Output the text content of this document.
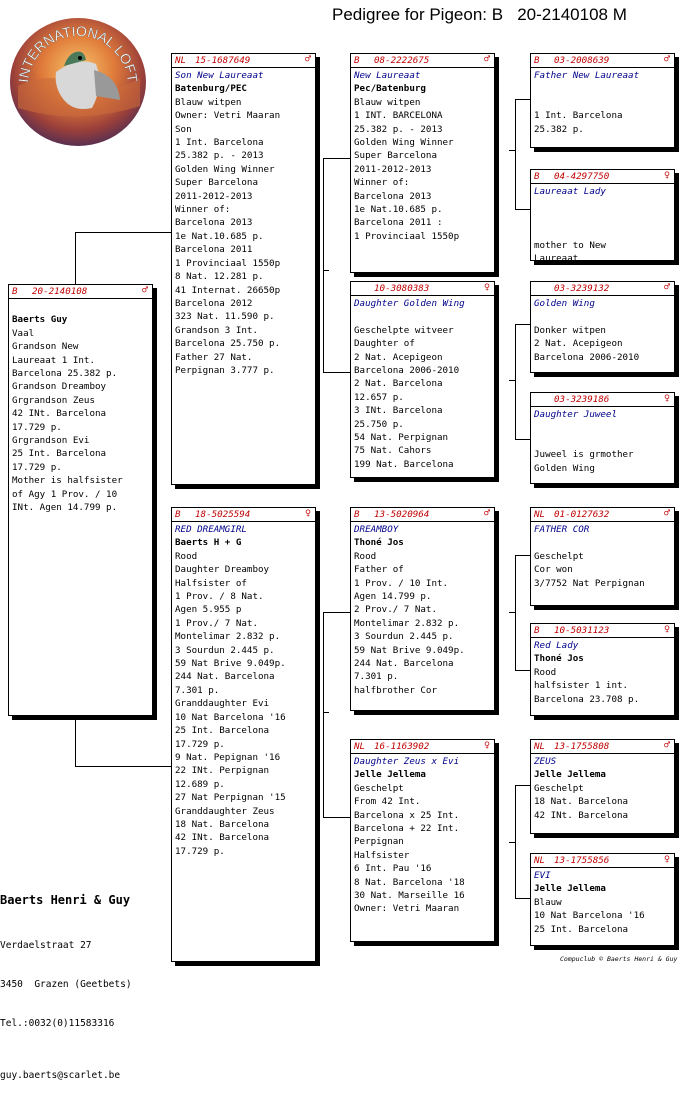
Pedigree for Pigeon: B   20-2140108 M
INTERNATIONAL LOFT
B 20-2140108	♂
Baerts Guy
Vaal
Grandson New
Laureaat 1 Int.
Barcelona 25.382 p.
Grandson Dreamboy
Grgrandson Zeus
42 INt. Barcelona
17.729 p.
Grgrandson Evi
25 Int. Barcelona
17.729 p.
Mother is halfsister
of Agy 1 Prov. / 10
INt. Agen 14.799 p.
NL 15-1687649	♂
Son New Laureaat
Batenburg/PEC
Blauw witpen
Owner: Vetri Maaran
Son
1 Int. Barcelona
25.382 p. - 2013
Golden Wing Winner
Super Barcelona
2011-2012-2013
Winner of:
Barcelona 2013
1e Nat.10.685 p.
Barcelona 2011
1 Provinciaal 1550p
8 Nat. 12.281 p.
41 Internat. 26650p
Barcelona 2012
323 Nat. 11.590 p.
Grandson 3 Int.
Barcelona 25.750 p.
Father 27 Nat.
Perpignan 3.777 p.
B 18-5025594	♀
RED DREAMGIRL
Baerts H + G
Rood
Daughter Dreamboy
Halfsister of
1 Prov. / 8 Nat.
Agen 5.955 p
1 Prov./ 7 Nat.
Montelimar 2.832 p.
3 Sourdun 2.445 p.
59 Nat Brive 9.049p.
244 Nat. Barcelona
7.301 p.
Granddaughter Evi
10 Nat Barcelona '16
25 Int. Barcelona
17.729 p.
9 Nat. Pepignan '16
22 INt. Perpignan
12.689 p.
27 Nat Perpignan '15
Granddaughter Zeus
18 Nat. Barcelona
42 INt. Barcelona
17.729 p.
B 08-2222675	♂
New Laureaat
Pec/Batenburg
Blauw witpen
1 INT. BARCELONA
25.382 p. - 2013
Golden Wing Winner
Super Barcelona
2011-2012-2013
Winner of:
Barcelona 2013
1e Nat.10.685 p.
Barcelona 2011 :
1 Provinciaal 1550p
10-3080383	♀
Daughter Golden Wing
Geschelpte witveer
Daughter of
2 Nat. Acepigeon
Barcelona 2006-2010
2 Nat. Barcelona
12.657 p.
3 INt. Barcelona
25.750 p.
54 Nat. Perpignan
75 Nat. Cahors
199 Nat. Barcelona
B 13-5020964	♂
DREAMBOY
Thoné Jos
Rood
Father of
1 Prov. / 10 Int.
Agen 14.799 p.
2 Prov./ 7 Nat.
Montelimar 2.832 p.
3 Sourdun 2.445 p.
59 Nat Brive 9.049p.
244 Nat. Barcelona
7.301 p.
halfbrother Cor
NL 16-1163902	♀
Daughter Zeus x Evi
Jelle Jellema
Geschelpt
From 42 Int.
Barcelona x 25 Int.
Barcelona + 22 Int.
Perpignan
Halfsister
6 Int. Pau '16
8 Nat. Barcelona '18
30 Nat. Marseille 16
Owner: Vetri Maaran
B 03-2008639	♂
Father New Laureaat
1 Int. Barcelona
25.382 p.
B 04-4297750	♀
Laureaat Lady
mother to New
Laureaat
03-3239132	♂
Golden Wing
Donker witpen
2 Nat. Acepigeon
Barcelona 2006-2010
03-3239186	♀
Daughter Juweel
Juweel is grmother
Golden Wing
NL 01-0127632	♂
FATHER COR
Geschelpt
Cor won
3/7752 Nat Perpignan
B 10-5031123	♀
Red Lady
Thoné Jos
Rood
halfsister 1 int.
Barcelona 23.708 p.
NL 13-1755808	♂
ZEUS
Jelle Jellema
Geschelpt
18 Nat. Barcelona
42 INt. Barcelona
NL 13-1755856	♀
EVI
Jelle Jellema
Blauw
10 Nat Barcelona '16
25 Int. Barcelona

Baerts Henri & Guy

Verdaelstraat 27

3450  Grazen (Geetbets)

Tel.:0032(0)11583316

guy.baerts@scarlet.be

Compuclub © Baerts Henri & Guy
